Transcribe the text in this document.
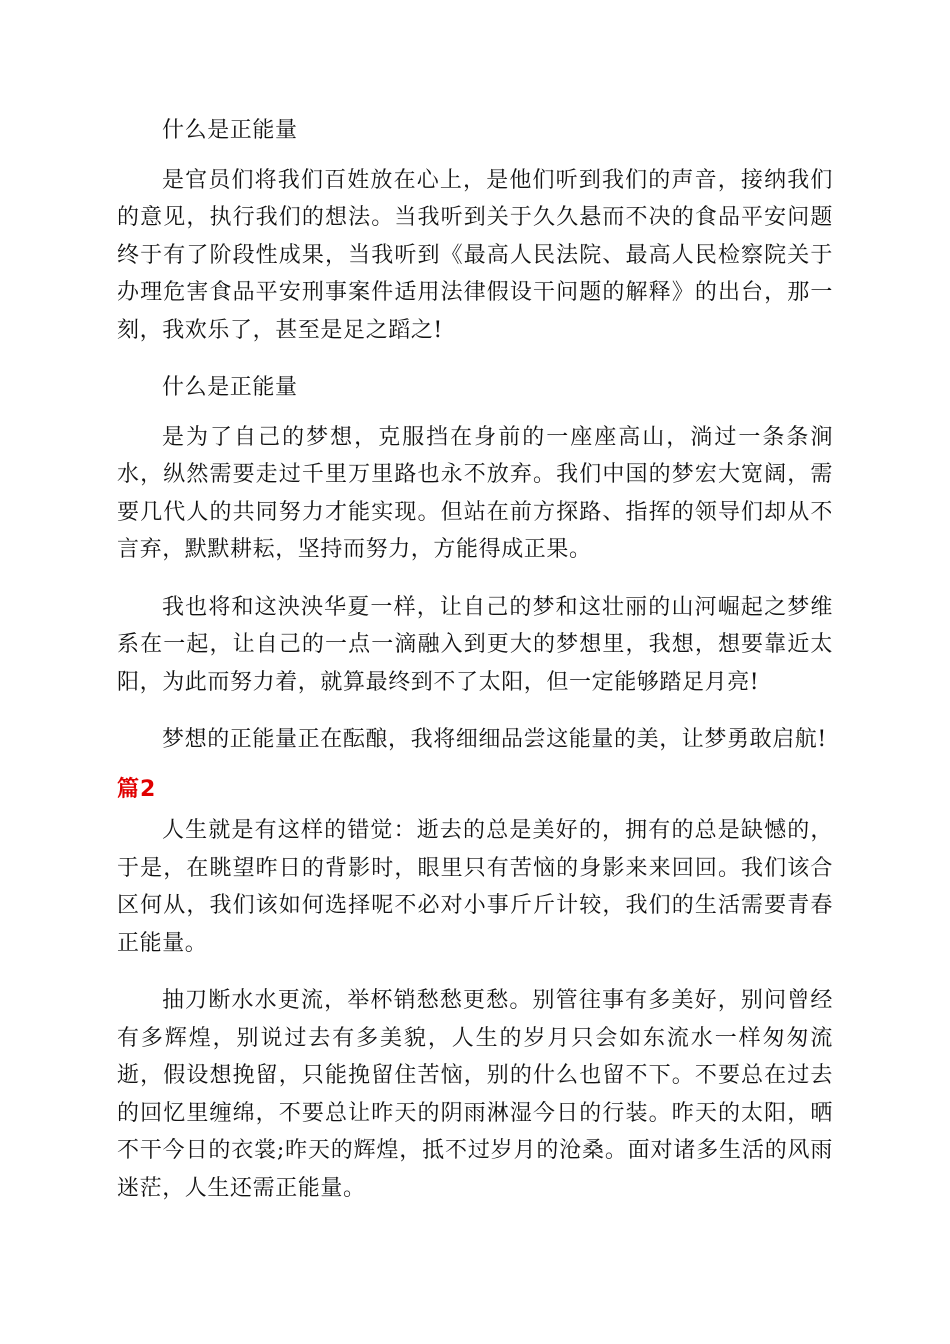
什么是正能量

是官员们将我们百姓放在心上，是他们听到我们的声音，接纳我们的意见，执行我们的想法。当我听到关于久久悬而不决的食品平安问题终于有了阶段性成果，当我听到《最高人民法院、最高人民检察院关于办理危害食品平安刑事案件适用法律假设干问题的解释》的出台，那一刻，我欢乐了，甚至是足之蹈之!

什么是正能量

是为了自己的梦想，克服挡在身前的一座座高山，淌过一条条涧水，纵然需要走过千里万里路也永不放弃。我们中国的梦宏大宽阔，需要几代人的共同努力才能实现。但站在前方探路、指挥的领导们却从不言弃，默默耕耘，坚持而努力，方能得成正果。

我也将和这泱泱华夏一样，让自己的梦和这壮丽的山河崛起之梦维系在一起，让自己的一点一滴融入到更大的梦想里，我想，想要靠近太阳，为此而努力着，就算最终到不了太阳，但一定能够踏足月亮!

梦想的正能量正在酝酿，我将细细品尝这能量的美，让梦勇敢启航!

篇2

人生就是有这样的错觉：逝去的总是美好的，拥有的总是缺憾的，于是，在眺望昨日的背影时，眼里只有苦恼的身影来来回回。我们该合区何从，我们该如何选择呢不必对小事斤斤计较，我们的生活需要青春正能量。

抽刀断水水更流，举杯销愁愁更愁。别管往事有多美好，别问曾经有多辉煌，别说过去有多美貌，人生的岁月只会如东流水一样匆匆流逝，假设想挽留，只能挽留住苦恼，别的什么也留不下。不要总在过去的回忆里缠绵，不要总让昨天的阴雨淋湿今日的行装。昨天的太阳，晒不干今日的衣裳;昨天的辉煌，抵不过岁月的沧桑。面对诸多生活的风雨迷茫，人生还需正能量。
